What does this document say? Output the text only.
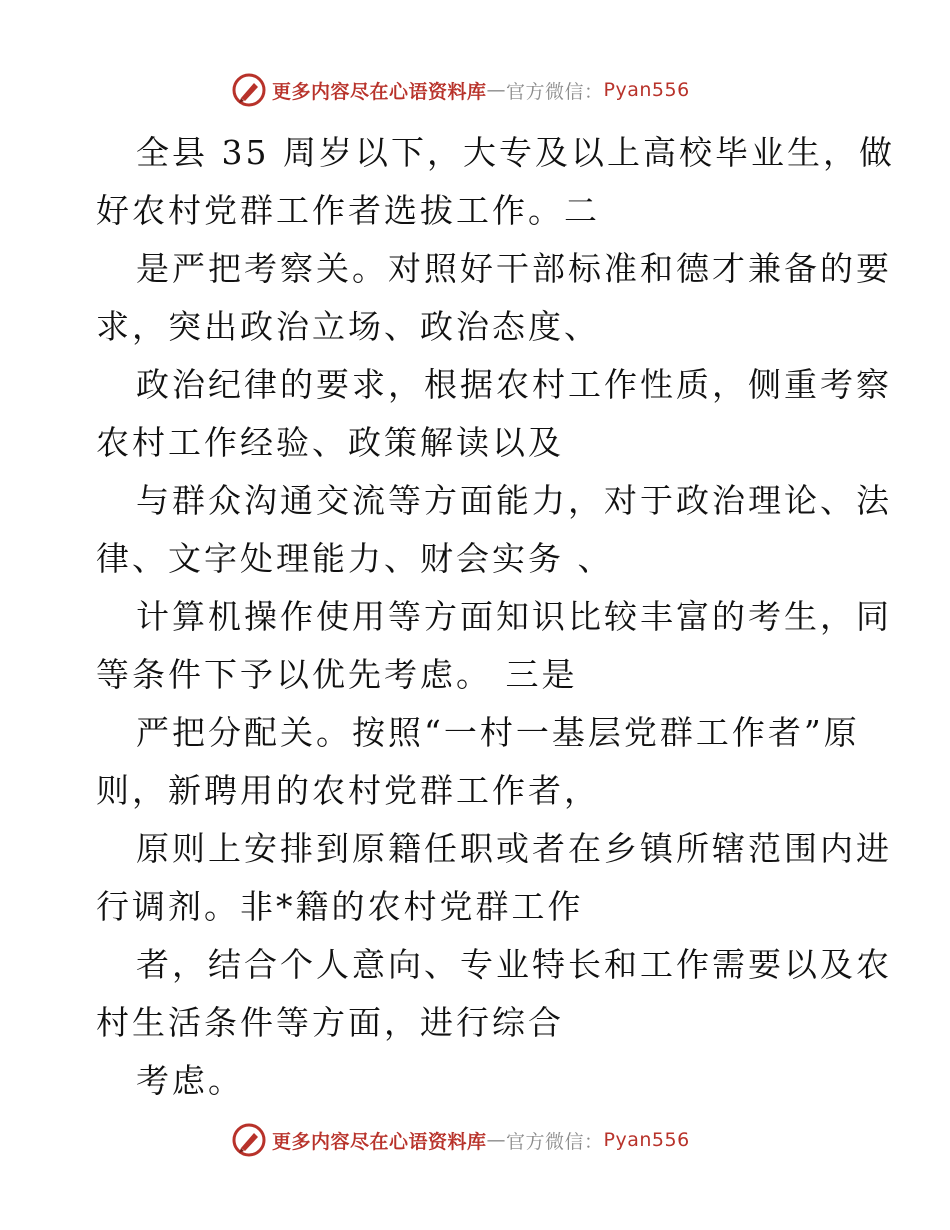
更多内容尽在心语资料库 — 官方微信： Pyan556
全县 35 周岁以下，大专及以上高校毕业生，做
好农村党群工作者选拔工作。二
是严把考察关。对照好干部标准和德才兼备的要
求，突出政治立场、政治态度、
政治纪律的要求，根据农村工作性质，侧重考察
农村工作经验、政策解读以及
与群众沟通交流等方面能力，对于政治理论、法
律、文字处理能力、财会实务 、
计算机操作使用等方面知识比较丰富的考生，同
等条件下予以优先考虑。 三是
严把分配关。按照“一村一基层党群工作者”原
则，新聘用的农村党群工作者，
原则上安排到原籍任职或者在乡镇所辖范围内进
行调剂。非*籍的农村党群工作
者，结合个人意向、专业特长和工作需要以及农
村生活条件等方面，进行综合
考虑。
更多内容尽在心语资料库 — 官方微信： Pyan556
